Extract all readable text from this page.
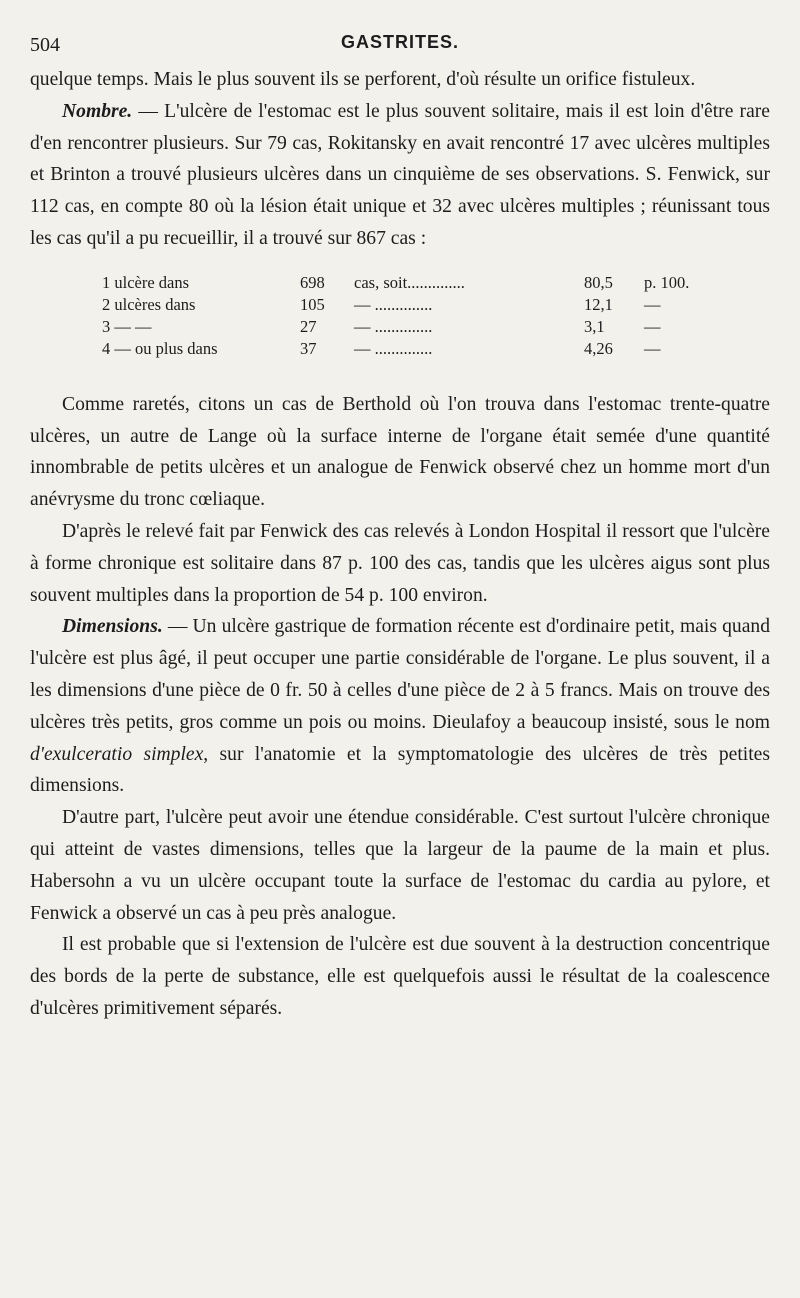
504	GASTRITES.

quelque temps. Mais le plus souvent ils se perforent, d'où résulte un orifice fistuleux.

Nombre. — L'ulcère de l'estomac est le plus souvent solitaire, mais il est loin d'être rare d'en rencontrer plusieurs. Sur 79 cas, Rokitansky en avait rencontré 17 avec ulcères multiples et Brinton a trouvé plusieurs ulcères dans un cinquième de ses observations. S. Fenwick, sur 112 cas, en compte 80 où la lésion était unique et 32 avec ulcères multiples ; réunissant tous les cas qu'il a pu recueillir, il a trouvé sur 867 cas :

1 ulcère dans	698	cas, soit..............	80,5	p. 100.
2 ulcères dans	105	— ..............	12,1	—
3 — —	27	— ..............	3,1	—
4 — ou plus dans	37	— ..............	4,26	—

Comme raretés, citons un cas de Berthold où l'on trouva dans l'estomac trente-quatre ulcères, un autre de Lange où la surface interne de l'organe était semée d'une quantité innombrable de petits ulcères et un analogue de Fenwick observé chez un homme mort d'un anévrysme du tronc cœliaque.

D'après le relevé fait par Fenwick des cas relevés à London Hospital il ressort que l'ulcère à forme chronique est solitaire dans 87 p. 100 des cas, tandis que les ulcères aigus sont plus souvent multiples dans la proportion de 54 p. 100 environ.

Dimensions. — Un ulcère gastrique de formation récente est d'ordinaire petit, mais quand l'ulcère est plus âgé, il peut occuper une partie considérable de l'organe. Le plus souvent, il a les dimensions d'une pièce de 0 fr. 50 à celles d'une pièce de 2 à 5 francs. Mais on trouve des ulcères très petits, gros comme un pois ou moins. Dieulafoy a beaucoup insisté, sous le nom d'exulceratio simplex, sur l'anatomie et la symptomatologie des ulcères de très petites dimensions.

D'autre part, l'ulcère peut avoir une étendue considérable. C'est surtout l'ulcère chronique qui atteint de vastes dimensions, telles que la largeur de la paume de la main et plus. Habersohn a vu un ulcère occupant toute la surface de l'estomac du cardia au pylore, et Fenwick a observé un cas à peu près analogue.

Il est probable que si l'extension de l'ulcère est due souvent à la destruction concentrique des bords de la perte de substance, elle est quelquefois aussi le résultat de la coalescence d'ulcères primitivement séparés.
